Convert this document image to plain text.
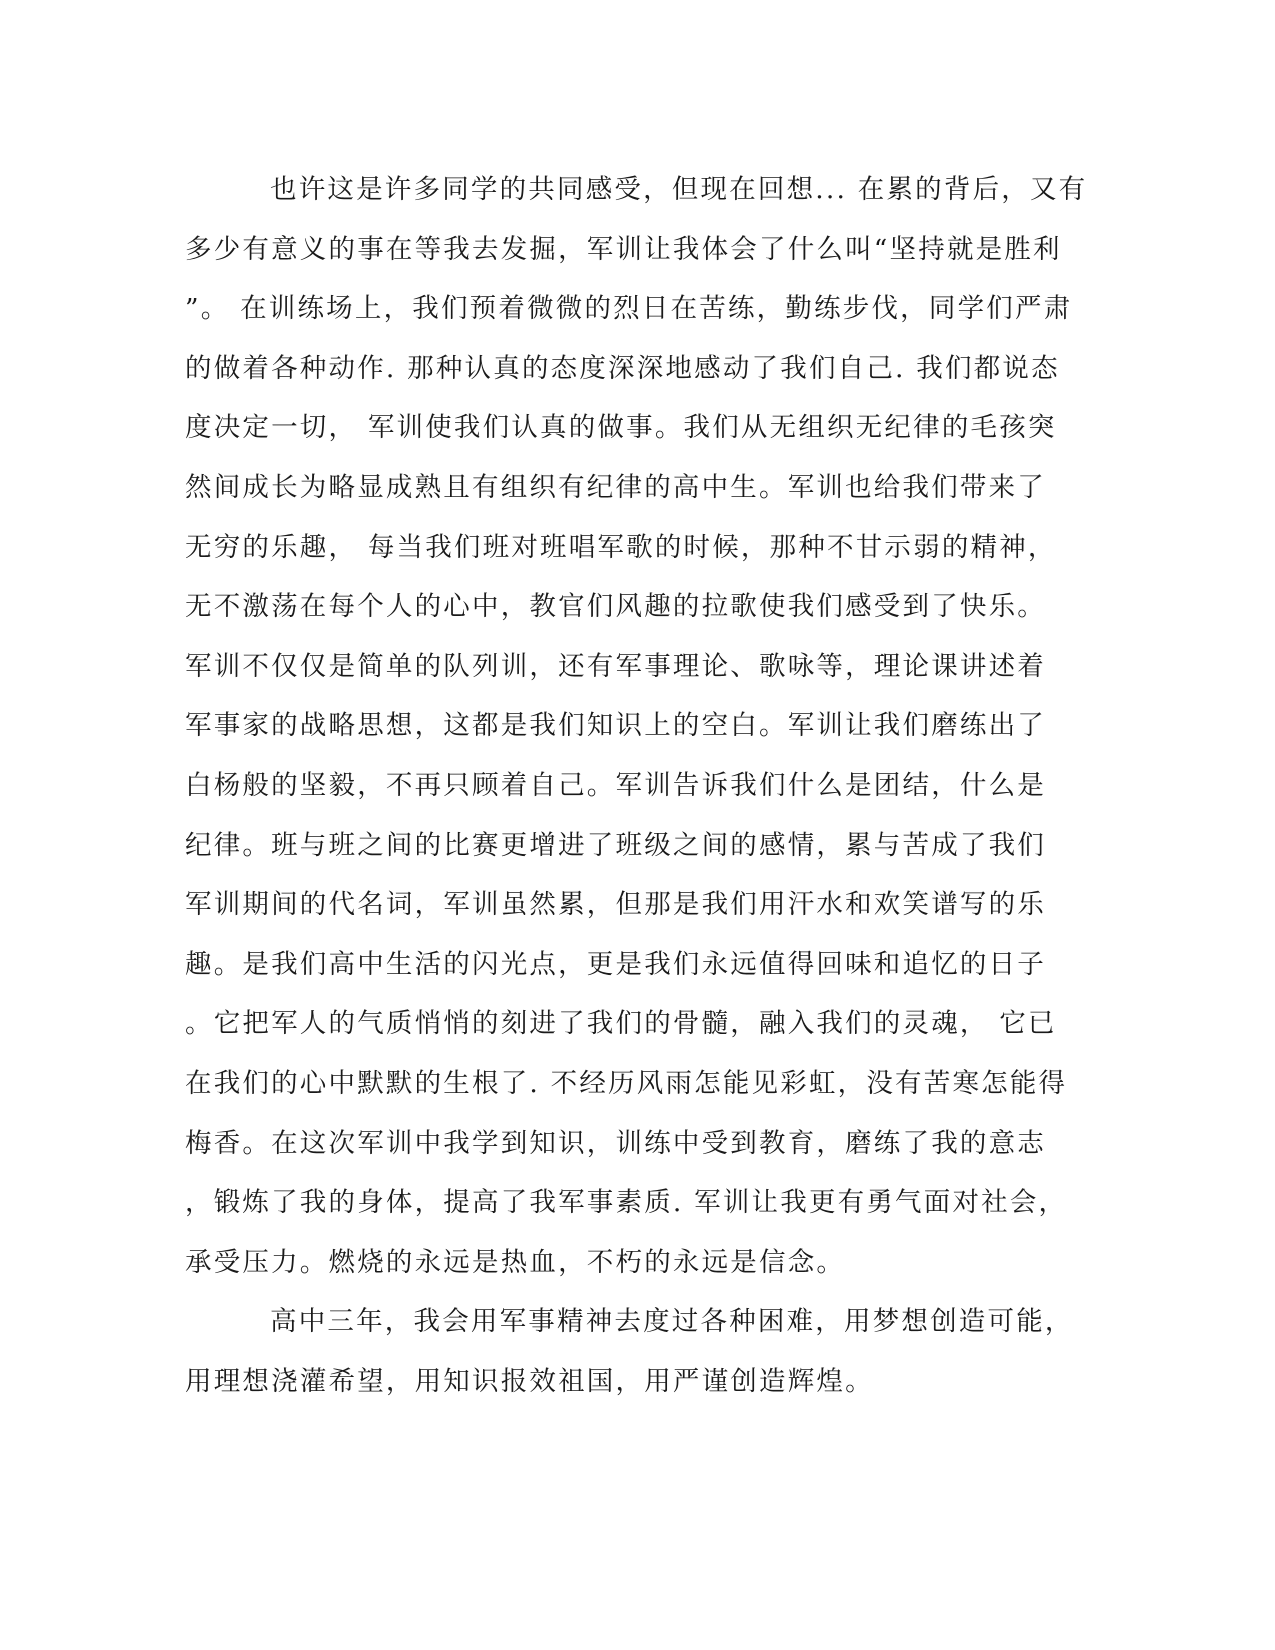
也许这是许多同学的共同感受，但现在回想... 在累的背后，又有
多少有意义的事在等我去发掘，军训让我体会了什么叫“坚持就是胜利
”。 在训练场上，我们预着微微的烈日在苦练，勤练步伐，同学们严肃
的做着各种动作. 那种认真的态度深深地感动了我们自己. 我们都说态
度决定一切， 军训使我们认真的做事。我们从无组织无纪律的毛孩突
然间成长为略显成熟且有组织有纪律的高中生。军训也给我们带来了
无穷的乐趣， 每当我们班对班唱军歌的时候，那种不甘示弱的精神，
无不激荡在每个人的心中，教官们风趣的拉歌使我们感受到了快乐。
军训不仅仅是简单的队列训，还有军事理论、歌咏等，理论课讲述着
军事家的战略思想，这都是我们知识上的空白。军训让我们磨练出了
白杨般的坚毅，不再只顾着自己。军训告诉我们什么是团结，什么是
纪律。班与班之间的比赛更增进了班级之间的感情，累与苦成了我们
军训期间的代名词，军训虽然累，但那是我们用汗水和欢笑谱写的乐
趣。是我们高中生活的闪光点，更是我们永远值得回味和追忆的日子
。它把军人的气质悄悄的刻进了我们的骨髓，融入我们的灵魂， 它已
在我们的心中默默的生根了. 不经历风雨怎能见彩虹，没有苦寒怎能得
梅香。在这次军训中我学到知识，训练中受到教育，磨练了我的意志
，锻炼了我的身体，提高了我军事素质. 军训让我更有勇气面对社会，
承受压力。燃烧的永远是热血，不朽的永远是信念。
高中三年，我会用军事精神去度过各种困难，用梦想创造可能，
用理想浇灌希望，用知识报效祖国，用严谨创造辉煌。
